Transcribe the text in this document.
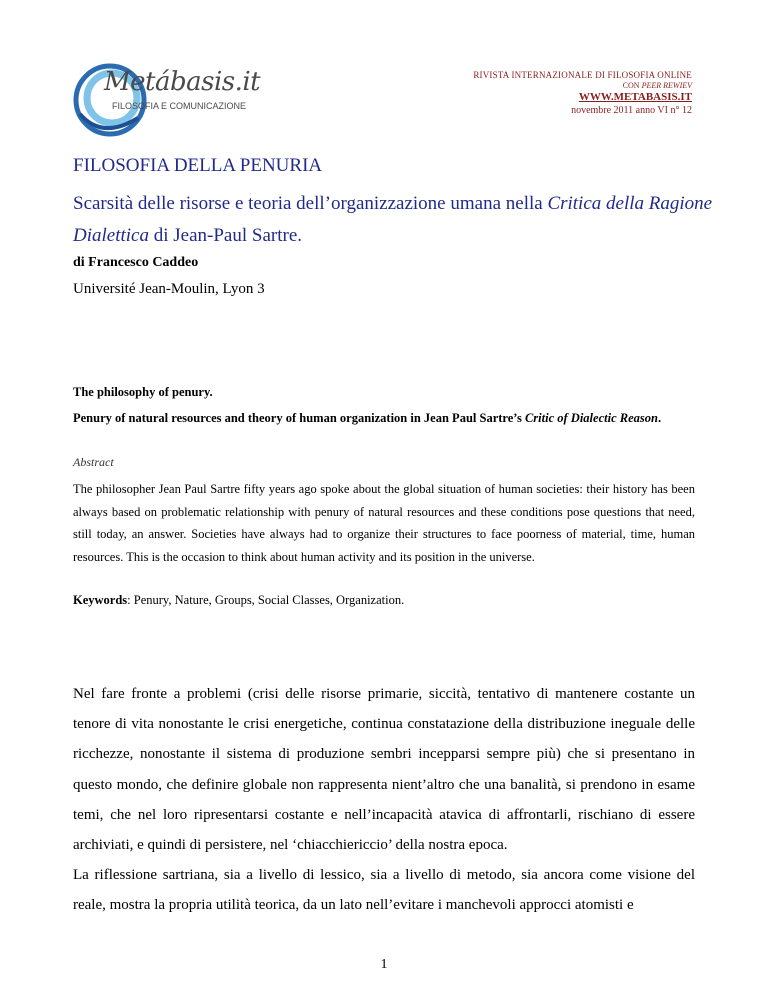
Metábasis.it
FILOSOFIA E COMUNICAZIONE
RIVISTA INTERNAZIONALE DI FILOSOFIA ONLINE
CON PEER REWIEV
WWW.METABASIS.IT
novembre 2011 anno VI n° 12
FILOSOFIA DELLA PENURIA
Scarsità delle risorse e teoria dell’organizzazione umana nella Critica della Ragione Dialettica di Jean-Paul Sartre.
di Francesco Caddeo
Université Jean-Moulin, Lyon 3
The philosophy of penury.
Penury of natural resources and theory of human organization in Jean Paul Sartre’s Critic of Dialectic Reason.
Abstract
The philosopher Jean Paul Sartre fifty years ago spoke about the global situation of human societies: their history has been always based on problematic relationship with penury of natural resources and these conditions pose questions that need, still today, an answer. Societies have always had to organize their structures to face poorness of material, time, human resources. This is the occasion to think about human activity and its position in the universe.
Keywords: Penury, Nature, Groups, Social Classes, Organization.

Nel fare fronte a problemi (crisi delle risorse primarie, siccità, tentativo di mantenere costante un tenore di vita nonostante le crisi energetiche, continua constatazione della distribuzione ineguale delle ricchezze, nonostante il sistema di produzione sembri incepparsi sempre più) che si presentano in questo mondo, che definire globale non rappresenta nient’altro che una banalità, si prendono in esame temi, che nel loro ripresentarsi costante e nell’incapacità atavica di affrontarli, rischiano di essere archiviati, e quindi di persistere, nel ‘chiacchiericcio’ della nostra epoca.

La riflessione sartriana, sia a livello di lessico, sia a livello di metodo, sia ancora come visione del reale, mostra la propria utilità teorica, da un lato nell’evitare i manchevoli approcci atomisti e

1
